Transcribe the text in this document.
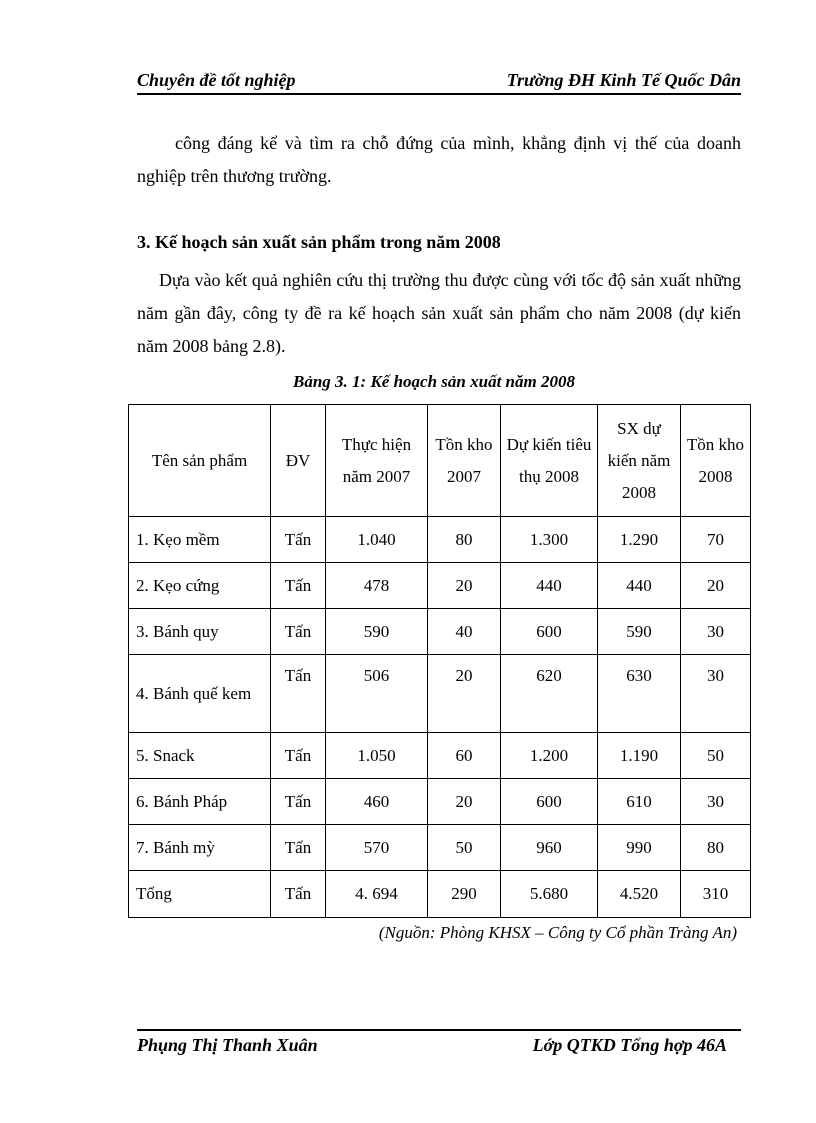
Chuyên đề tốt nghiệp	Trường ĐH Kinh Tế Quốc Dân
công đáng kể và tìm ra chỗ đứng của mình, khẳng định vị thế của doanh nghiệp trên thương trường.
3. Kế hoạch sản xuất sản phẩm trong năm 2008
Dựa vào kết quả nghiên cứu thị trường thu được cùng với tốc độ sản xuất những năm gần đây, công ty đề ra kế hoạch sản xuất sản phẩm cho năm 2008 (dự kiến năm 2008 bảng 2.8).
Bảng 3. 1: Kế hoạch sản xuất năm 2008
Tên sản phẩm	ĐV	Thực hiện năm 2007	Tồn kho 2007	Dự kiến tiêu thụ 2008	SX dự kiến năm 2008	Tồn kho 2008
1. Kẹo mềm	Tấn	1.040	80	1.300	1.290	70
2. Kẹo cứng	Tấn	478	20	440	440	20
3. Bánh quy	Tấn	590	40	600	590	30
4. Bánh quế kem	Tấn	506	20	620	630	30
5. Snack	Tấn	1.050	60	1.200	1.190	50
6. Bánh Pháp	Tấn	460	20	600	610	30
7. Bánh mỳ	Tấn	570	50	960	990	80
Tổng	Tấn	4. 694	290	5.680	4.520	310
(Nguồn: Phòng KHSX – Công ty Cổ phần Tràng An)
Phụng Thị Thanh Xuân	Lớp QTKD Tổng hợp 46A
